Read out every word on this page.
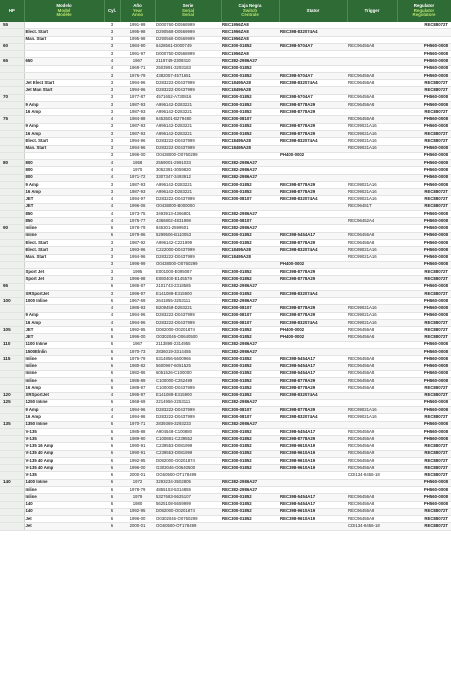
HP	Modelo
Model
Modèle	Cyl.	Año
Year
Anno	Serie
Serial
Serial	Caja Negra
Switch
Centrale	Stator	Trigger	Regulator
Regulator
Regolatore

55		3	1991-99	D000760-D0568999	REC1956ZA8			REC88072T
	Elect. Start	3	1995-98	D290568-D0569999	REC1956ZA8	REC398-832074A4		
	Man. Start	3	1995-98	D290568-D0569999	REC1956ZA8			
60		3	1984-90	6428561-D000749	REC300-01852	REC398-5704A7	REC96456A8	PH560-0008
		3	1991-97	D000750-D0568999	REC1956ZA8			PH560-0008
65	650	4	1967	2119749-2309310	REC382-2986A27			PH560-0008
		4	1969-71	2503991-3293183	REC300-01852			PH560-0008
		3	1976-79	4382057-4571651	REC300-01852	REC398-5704A7	REC96456A8	PH560-0008
	Jet Elect Start	3	1994-96	D283222-D0437999	REC18495A28	REC398-832074A4	REC96456A8	REC88072T
	Jet Man Start	3	1994-96	D283222-D0437999	REC18495A28			REC88072T
70		3	1977-87	4571652-A730816	REC300-01852	REC398-5704A7	REC96456A8	PH560-0008
	9 Amp	3	1987-93	A996142-D283221	REC300-01852	REC398-8778A29	REC96456A8	PH560-0008
	16 Amp	3	1987-93	A996142-D283221	REC300-01852	REC398-8778A29		REC88072T
75		4	1984-88	6453501-B279480	REC300-08107		REC96456A8	PH560-0008
	9 Amp	3	1987-93	A996142-D283221	REC300-01852	REC398-8778A29	REC99021A16	PH560-0008
	16 Amp	3	1987-93	A996142-D283221	REC300-01852	REC398-8778A29	REC99021A16	REC88072T
	Elect. Start	3	1994-96	D283222-D0437999	REC18495A28	REC398-832074A4	REC99021A16	REC88072T
	Man. Start	3	1994-96	D283222-D0437999	REC18495A28		REC99021A16	PH560-0008
		3	1996-00	O0438000-O0760299		PH400-0002		PH560-0008
80	800	4	1958	2559001-2991033	REC382-2986A27			PH560-0008
	800	4	1970	3052381-3059820	REC382-2986A27			PH560-0008
	800	4	1971-72	3307347-3493912	REC382-2986A27			PH560-0008
	9 Amp	3	1987-93	A996142-D283221	REC300-01852	REC398-8778A29	REC99021A16	PH560-0008
	16 Amp	3	1987-93	A996142-D283221	REC300-01852	REC398-8778A29	REC99021A16	REC88072T
	JET	4	1994-97	D283222-D0437999	REC300-08107	REC398-832074A4	REC99021A16	REC88072T
	JET	4	1996-06	O0438000-B000000			REC96481T	REC88072T
	850	4	1973-75	3493913-4366801	REC382-2986A27			PH560-0008
	850	4	1976-77	4366802-4831998	REC300-08107		REC96452A4	PH560-0008
90	Inline	6	1978-79	845301-2599501	REC382-2986A27			PH560-0008
	Inline	6	1979-86	5299506-B110053	REC300-01852	REC398-5454A17	REC96456A8	PH560-0008
	Elect. Start	3	1987-92	A996142-C221999	REC300-01852	REC398-8778A29	REC96456A8	PH560-0008
	Elect. Start	3	1993-96	C222000-D0437999	REC18495A28	REC398-832074A4	REC99021A16	PH560-0008
	Man. Start	3	1994-96	D283222-D0437999	REC18495A28		REC99021A16	PH560-0008
		3	1996-99	O0438000-O0760299		PH400-0002		PH560-0008
	Sport Jet	3	1995	E001000-E095087	REC300-01852	REC398-8778A29		REC88072T
	Sport Jet	3	1996-98	E080400-E145579	REC300-01852	REC398-8778A29		REC88072T
95		6	1986-87	2101743-2318585	REC382-2986A27			PH560-0008
	XRSportJet	3	1996-97	E141089-E315900	REC300-01852	REC398-832074A4		REC88072T
100	1000 Inline	6	1967-69	2641855-3253111	REC382-2986A27			PH560-0008
		4	1986-93	B209458-D283221	REC300-08107	REC398-8778A29	REC99021A16	PH560-0008
	9 Amp	4	1994-96	D283222-D0437999	REC300-08107	REC398-8778A29	REC99021A16	PH560-0008
	16 Amp	4	1994-96	D283222-D0437999	REC300-08107	REC398-832074A4	REC99021A16	REC88072T
105	JET	6	1992-95	D082000-O0201874	REC300-01852	PH400-0002	REC96456A8	REC88072T
	JET	6	1996-00	O0302046-O0640500	REC300-01852	PH400-0002	REC96456A8	REC88072T
110	1100 Inline	6	1967	2113898-2314955	REC382-2986A27			PH560-0008
	1500Elnlin	6	1970-73	2836019-3314455	REC382-2986A27			PH560-0008
115	Inline	6	1976-79	5314856-5600966	REC300-01852	REC398-5454A17	REC96456A8	PH560-0008
	Inline	6	1980-82	5600967-6051525	REC300-01852	REC398-5454A17	REC96456A8	PH560-0008
	Inline	6	1982-86	6051526-C100000	REC300-01852	REC398-5454A17	REC96456A8	PH560-0008
	Inline	6	1986-89	C100000-C252499	REC300-01852	REC398-8778A29	REC96456A8	PH560-0008
	16 Amp	6	1989-97	C100000-D0437999	REC300-01852	REC398-8778A29	REC96456A8	REC88072T
120	XRSportJet	4	1995-97	E141089-E315900	REC300-01852	REC398-832074A4		REC88072T
125	1250 Inline	6	1968-69	2214956-2253111	REC382-2986A27			PH560-0008
	9 Amp	4	1994-96	D283222-D0437999	REC300-08107	REC398-8778A29	REC99021A16	PH560-0008
	16 Amp	4	1994-96	D283222-D0437999	REC300-08107	REC398-832074A4	REC99021A16	REC88072T
135	1350 Inline	6	1970-71	2839369-3293233	REC382-2986A27			PH560-0008
	V-135	6	1985-88	A904548-C100880	REC300-01852	REC398-5454A17	REC96456A9	PH560-0008
	V-135	6	1989-90	C100881-C239552	REC300-01852	REC398-8778A29	REC96456A9	PH560-0008
	V-135 16 Amp	6	1990-91	C239553-D081999	REC300-01852	REC398-9610A19	REC96456A9	REC88072T
	V-135 40 Amp	6	1990-91	C239553-D081999	REC300-01852	REC398-9610A19	REC96456A9	REC88072T
	V-135 40 Amp	6	1992-95	D082000-O0201874	REC300-01852	REC398-9610A19	REC96456A9	REC88072T
	V-135 40 Amp	6	1996-00	G303046-O0640500	REC300-01852	REC398-9610A19	REC96456A9	REC88072T
	V-135	6	2000-01	OG60500-OT178499			CDI134-8456-18	REC88072T
140	1400 Inline	6	1972	3293234-3502805	REC382-2986A27			PH560-0008
	Inline	6	1978-79	4855153-5314855	REC382-2986A27			PH560-0008
	Inline	6	1979	5327683-5625107	REC300-01852	REC398-5454A17	REC96456A8	PH560-0008
	140	6	1980	5625108-5659999	REC300-01852	REC398-5454A17	REC96456A8	PH560-0008
	140	6	1992-95	D082000-O0201874	REC300-01852	REC398-9610A19	REC96456A9	REC88072T
	Jet	6	1996-00	O0302046-O0760299	REC300-01852	REC398-9610A19	REC96456A9	REC88072T
	Jet	6	2000-01	OG60500-OT178499			CDI134-8456-18	REC88072T
